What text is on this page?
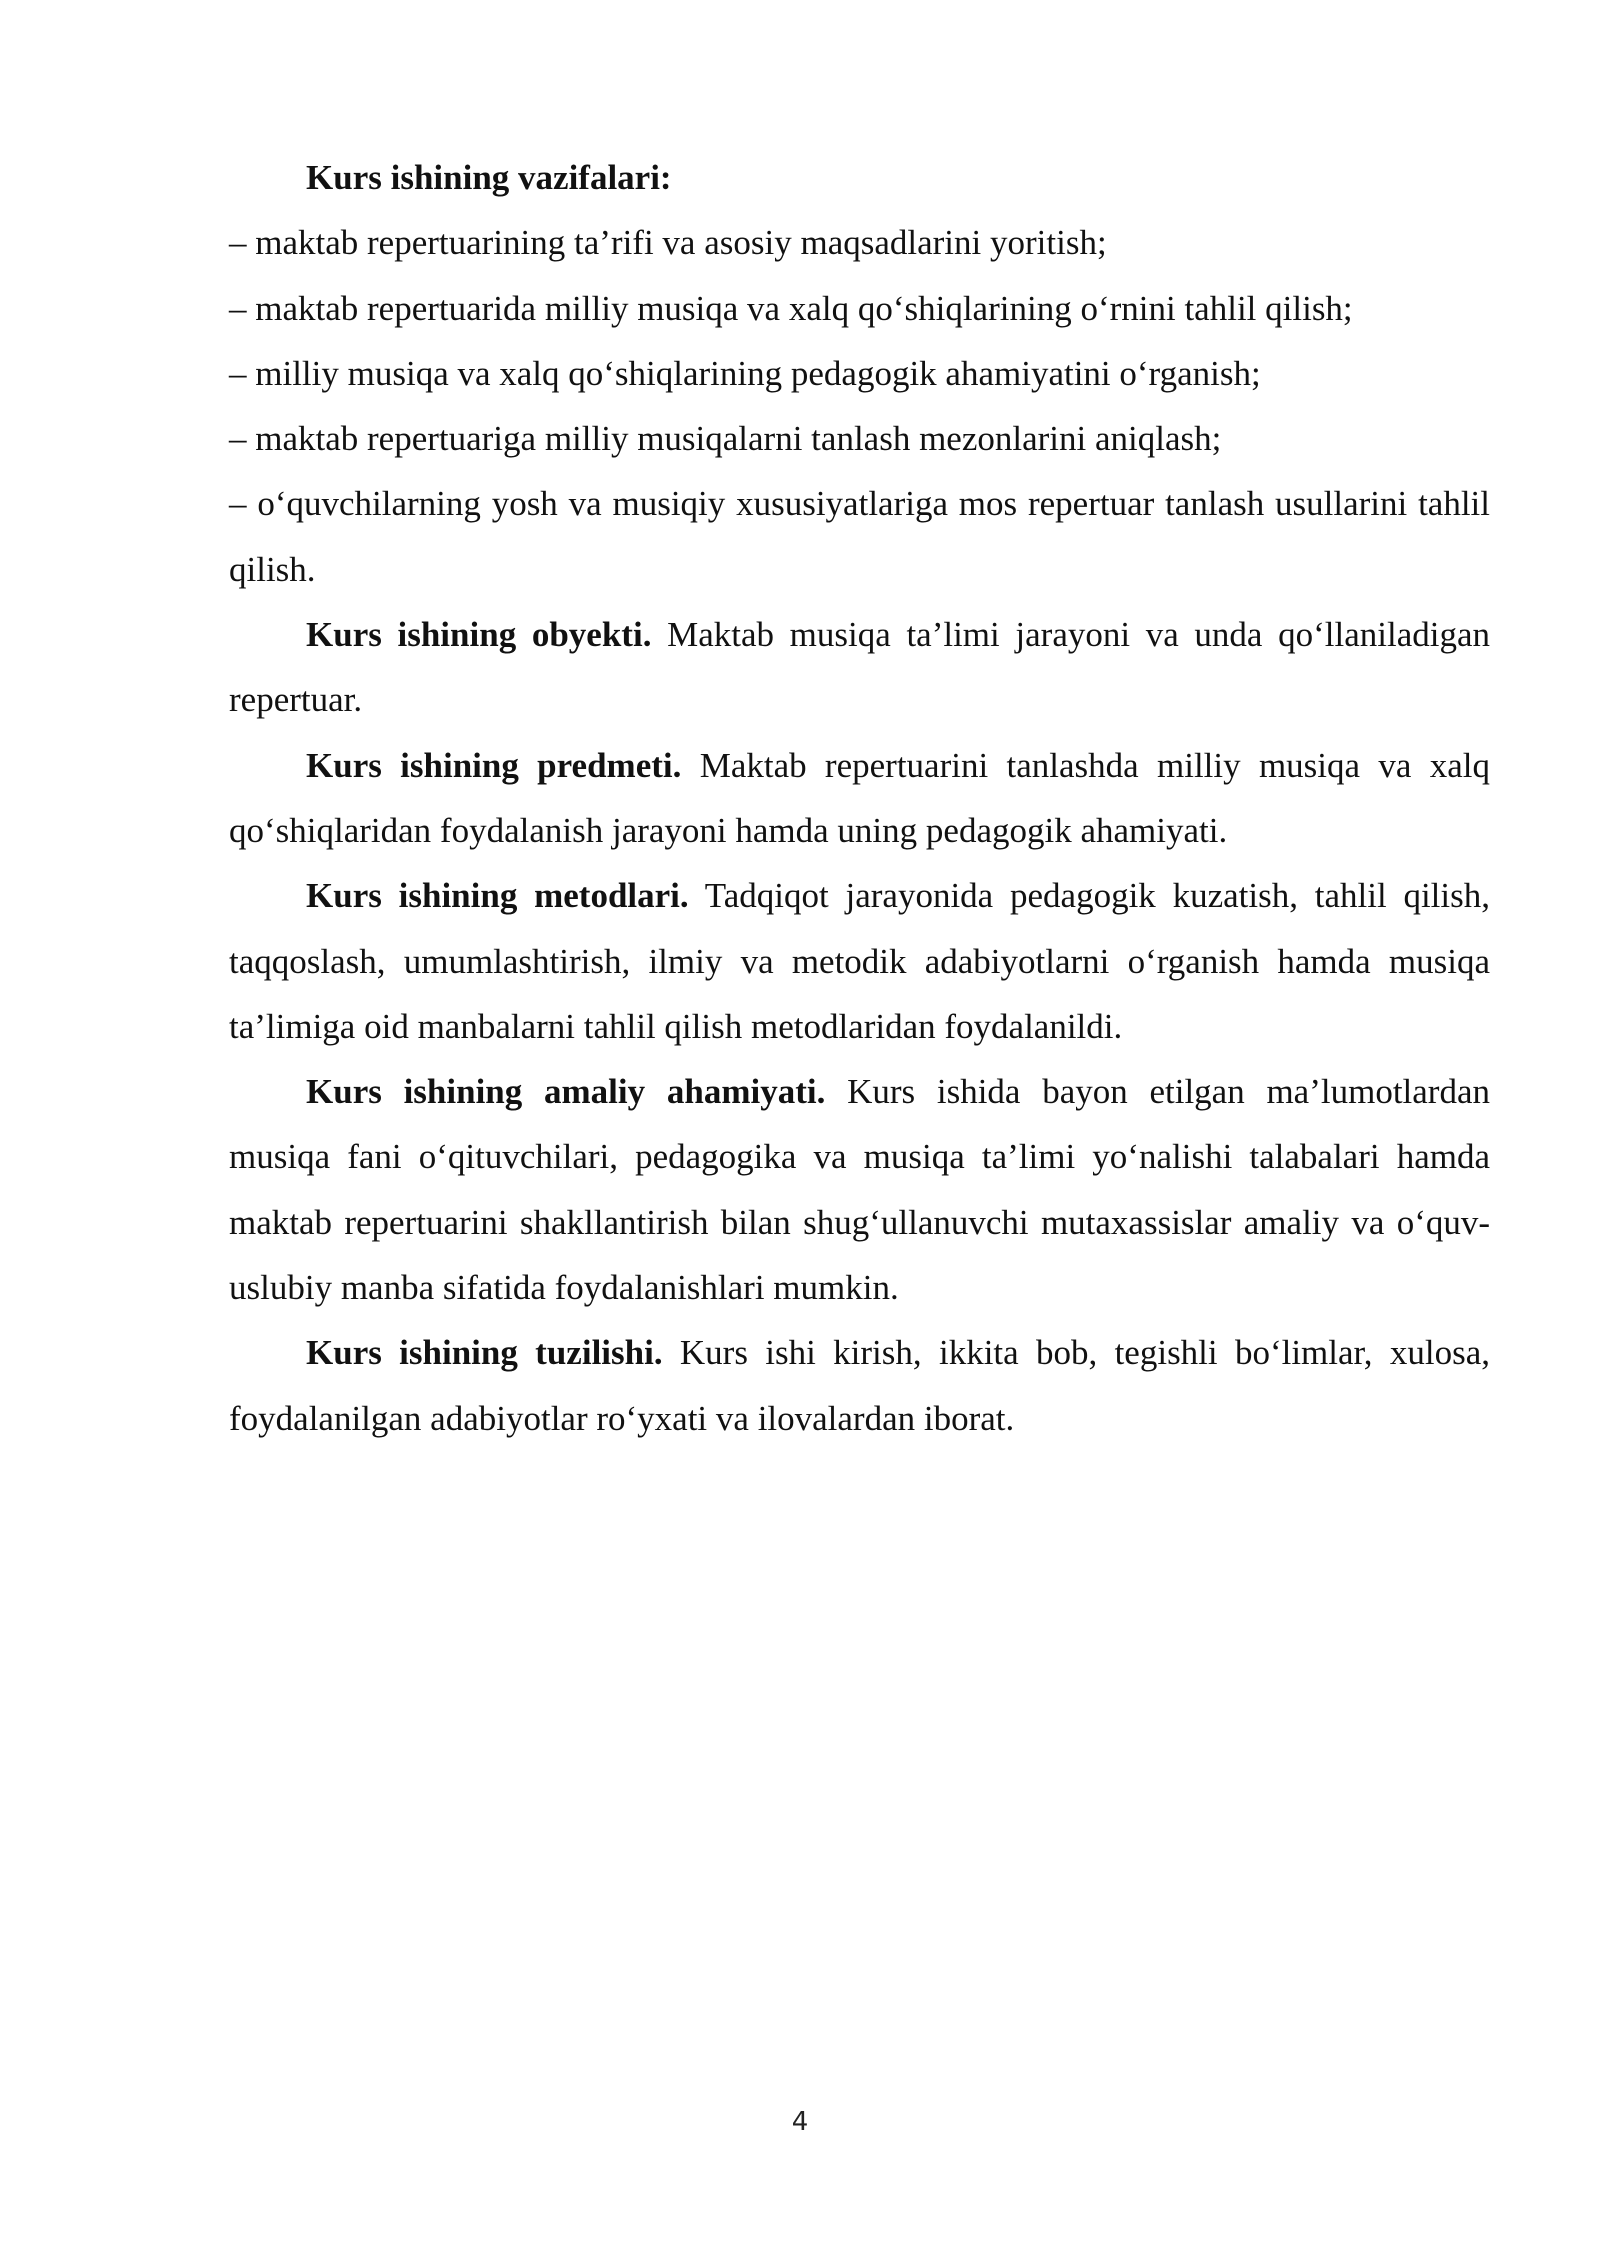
Kurs ishining vazifalari:

– maktab repertuarining ta’rifi va asosiy maqsadlarini yoritish;

– maktab repertuarida milliy musiqa va xalq qo‘shiqlarining o‘rnini tahlil qilish;

– milliy musiqa va xalq qo‘shiqlarining pedagogik ahamiyatini o‘rganish;

– maktab repertuariga milliy musiqalarni tanlash mezonlarini aniqlash;

– o‘quvchilarning yosh va musiqiy xususiyatlariga mos repertuar tanlash usullarini tahlil qilish.

Kurs ishining obyekti. Maktab musiqa ta’limi jarayoni va unda qo‘llaniladigan repertuar.

Kurs ishining predmeti. Maktab repertuarini tanlashda milliy musiqa va xalq qo‘shiqlaridan foydalanish jarayoni hamda uning pedagogik ahamiyati.

Kurs ishining metodlari. Tadqiqot jarayonida pedagogik kuzatish, tahlil qilish, taqqoslash, umumlashtirish, ilmiy va metodik adabiyotlarni o‘rganish hamda musiqa ta’limiga oid manbalarni tahlil qilish metodlaridan foydalanildi.

Kurs ishining amaliy ahamiyati. Kurs ishida bayon etilgan ma’lumotlardan musiqa fani o‘qituvchilari, pedagogika va musiqa ta’limi yo‘nalishi talabalari hamda maktab repertuarini shakllantirish bilan shug‘ullanuvchi mutaxassislar amaliy va o‘quv-uslubiy manba sifatida foydalanishlari mumkin.

Kurs ishining tuzilishi. Kurs ishi kirish, ikkita bob, tegishli bo‘limlar, xulosa, foydalanilgan adabiyotlar ro‘yxati va ilovalardan iborat.

4
